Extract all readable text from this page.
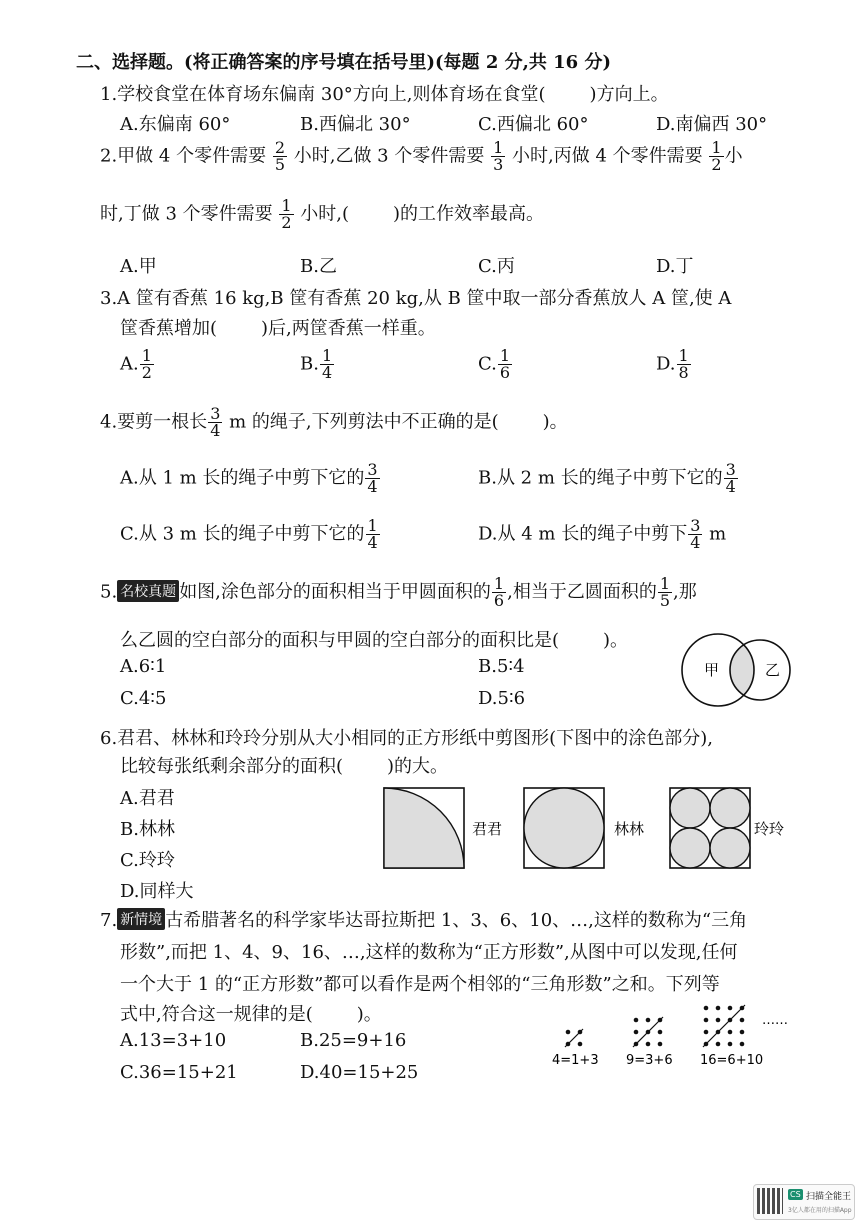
二、选择题。(将正确答案的序号填在括号里)(每题 2 分,共 16 分)
1.学校食堂在体育场东偏南 30°方向上,则体育场在食堂( )方向上。
A.东偏南 60°	B.西偏北 30°	C.西偏北 60°	D.南偏西 30°
2.甲做 4 个零件需要 $\frac{2}{5}$ 小时,乙做 3 个零件需要 $\frac{1}{3}$ 小时,丙做 4 个零件需要 $\frac{1}{2}$ 小
时,丁做 3 个零件需要 $\frac{1}{2}$ 小时,( )的工作效率最高。
A.甲	B.乙	C.丙	D.丁
3.A 筐有香蕉 16 kg,B 筐有香蕉 20 kg,从 B 筐中取一部分香蕉放人 A 筐,使 A
筐香蕉增加( )后,两筐香蕉一样重。
A. $\frac{1}{2}$	B. $\frac{1}{4}$	C. $\frac{1}{6}$	D. $\frac{1}{8}$
4.要剪一根长 $\frac{3}{4}$ m 的绳子,下列剪法中不正确的是( )。
A.从 1 m 长的绳子中剪下它的 $\frac{3}{4}$	B.从 2 m 长的绳子中剪下它的 $\frac{3}{4}$
C.从 3 m 长的绳子中剪下它的 $\frac{1}{4}$	D.从 4 m 长的绳子中剪下 $\frac{3}{4}$ m
5. 名校真题 如图,涂色部分的面积相当于甲圆面积的 $\frac{1}{6}$ ,相当于乙圆面积的 $\frac{1}{5}$ ,那
么乙圆的空白部分的面积与甲圆的空白部分的面积比是( )。
A.6∶1	B.5∶4
C.4∶5	D.5∶6
甲	乙
6.君君、林林和玲玲分别从大小相同的正方形纸中剪图形(下图中的涂色部分),
比较每张纸剩余部分的面积( )的大。
A.君君
B.林林
C.玲玲
D.同样大
君君	林林	玲玲
7. 新情境 古希腊著名的科学家毕达哥拉斯把 1、3、6、10、…,这样的数称为“三角
形数”,而把 1、4、9、16、…,这样的数称为“正方形数”,从图中可以发现,任何
一个大于 1 的“正方形数”都可以看作是两个相邻的“三角形数”之和。下列等
式中,符合这一规律的是( )。
A.13=3+10	B.25=9+16
C.36=15+21	D.40=15+25
……
4=1+3 9=3+6 16=6+10
CS 扫描全能王
3亿人都在用的扫描App
